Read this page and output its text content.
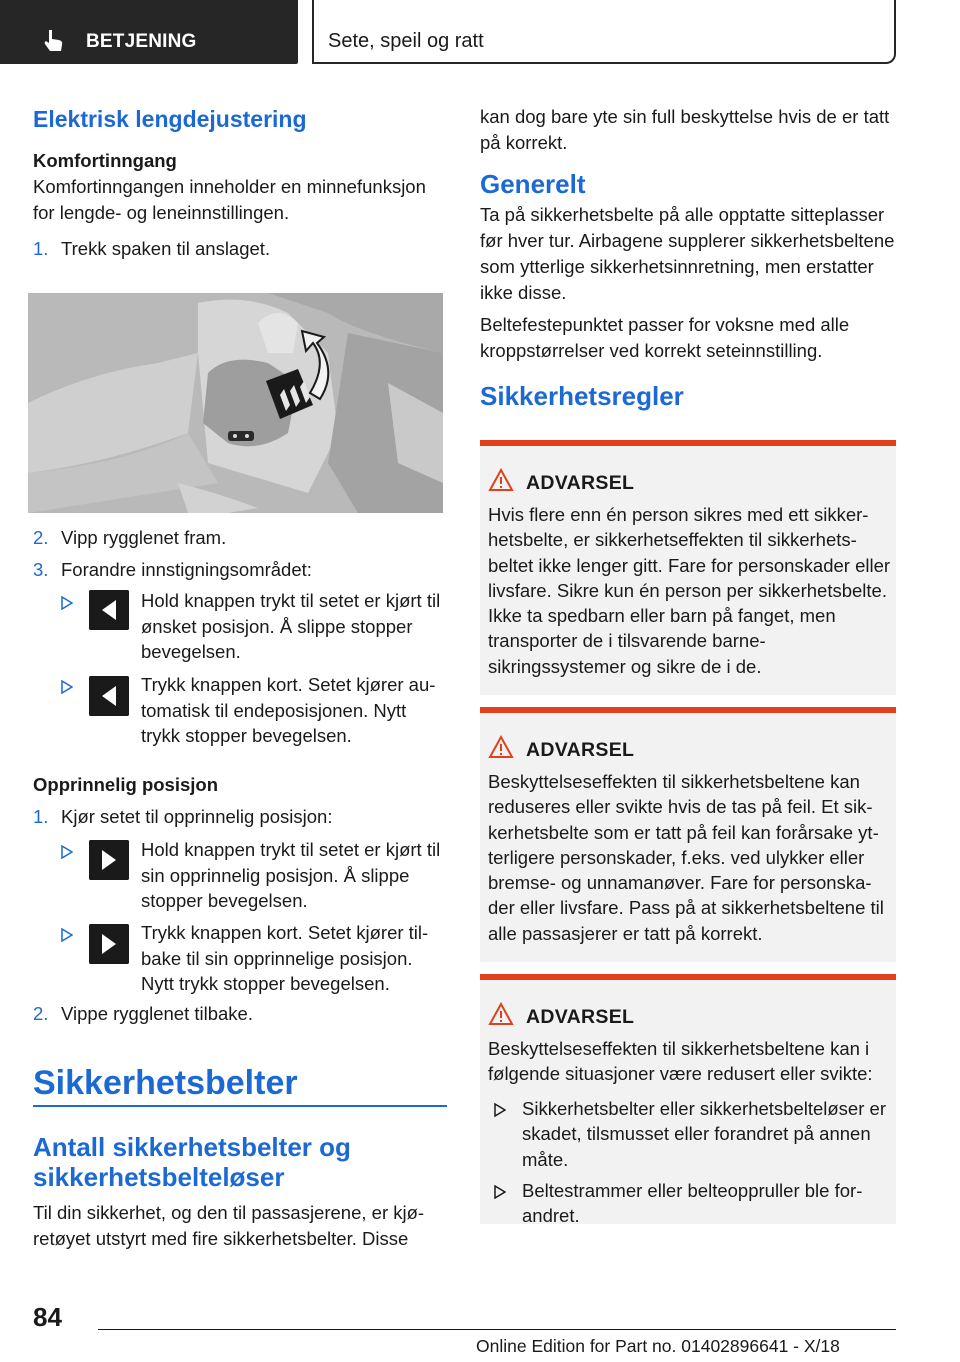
BETJENING	Sete, speil og ratt
Elektrisk lengdejustering
Komfortinngang

Komfortinngangen inneholder en minnefunksjon for lengde- og leneinnstillingen.

1. Trekk spaken til anslaget.
2. Vipp rygglenet fram.
3. Forandre innstigningsområdet:
Hold knappen trykt til setet er kjørt til ønsket posisjon. Å slippe stopper bevegelsen.
Trykk knappen kort. Setet kjører automatisk til endeposisjonen. Nytt trykk stopper bevegelsen.
Opprinnelig posisjon
1. Kjør setet til opprinnelig posisjon:
Hold knappen trykt til setet er kjørt til sin opprinnelig posisjon. Å slippe stopper bevegelsen.
Trykk knappen kort. Setet kjører tilbake til sin opprinnelige posisjon. Nytt trykk stopper bevegelsen.
2. Vippe rygglenet tilbake.
Sikkerhetsbelter
Antall sikkerhetsbelter og sikkerhetsbelteløser

Til din sikkerhet, og den til passasjerene, er kjøretøyet utstyrt med fire sikkerhetsbelter. Disse

kan dog bare yte sin full beskyttelse hvis de er tatt på korrekt.

Generelt

Ta på sikkerhetsbelte på alle opptatte sitteplasser før hver tur. Airbagene supplerer sikkerhetsbeltene som ytterlige sikkerhetsinnretning, men erstatter ikke disse.

Beltefestepunktet passer for voksne med alle kroppstørrelser ved korrekt seteinnstilling.

Sikkerhetsregler
ADVARSEL
Hvis flere enn én person sikres med ett sikkerhetsbelte, er sikkerhetseffekten til sikkerhetsbeltet ikke lenger gitt. Fare for personskader eller livsfare. Sikre kun én person per sikkerhetsbelte. Ikke ta spedbarn eller barn på fanget, men transporter de i tilsvarende barnesikringssystemer og sikre de i de.
ADVARSEL
Beskyttelseseffekten til sikkerhetsbeltene kan reduseres eller svikte hvis de tas på feil. Et sikkerhetsbelte som er tatt på feil kan forårsake ytterligere personskader, f.eks. ved ulykker eller bremse- og unnamanøver. Fare for personskader eller livsfare. Pass på at sikkerhetsbeltene til alle passasjerer er tatt på korrekt.
ADVARSEL
Beskyttelseseffekten til sikkerhetsbeltene kan i følgende situasjoner være redusert eller svikte:
Sikkerhetsbelter eller sikkerhetsbelteløser er skadet, tilsmusset eller forandret på annen måte.
Beltestrammer eller belteoppruller ble forandret.
84
Online Edition for Part no. 01402896641 - X/18
